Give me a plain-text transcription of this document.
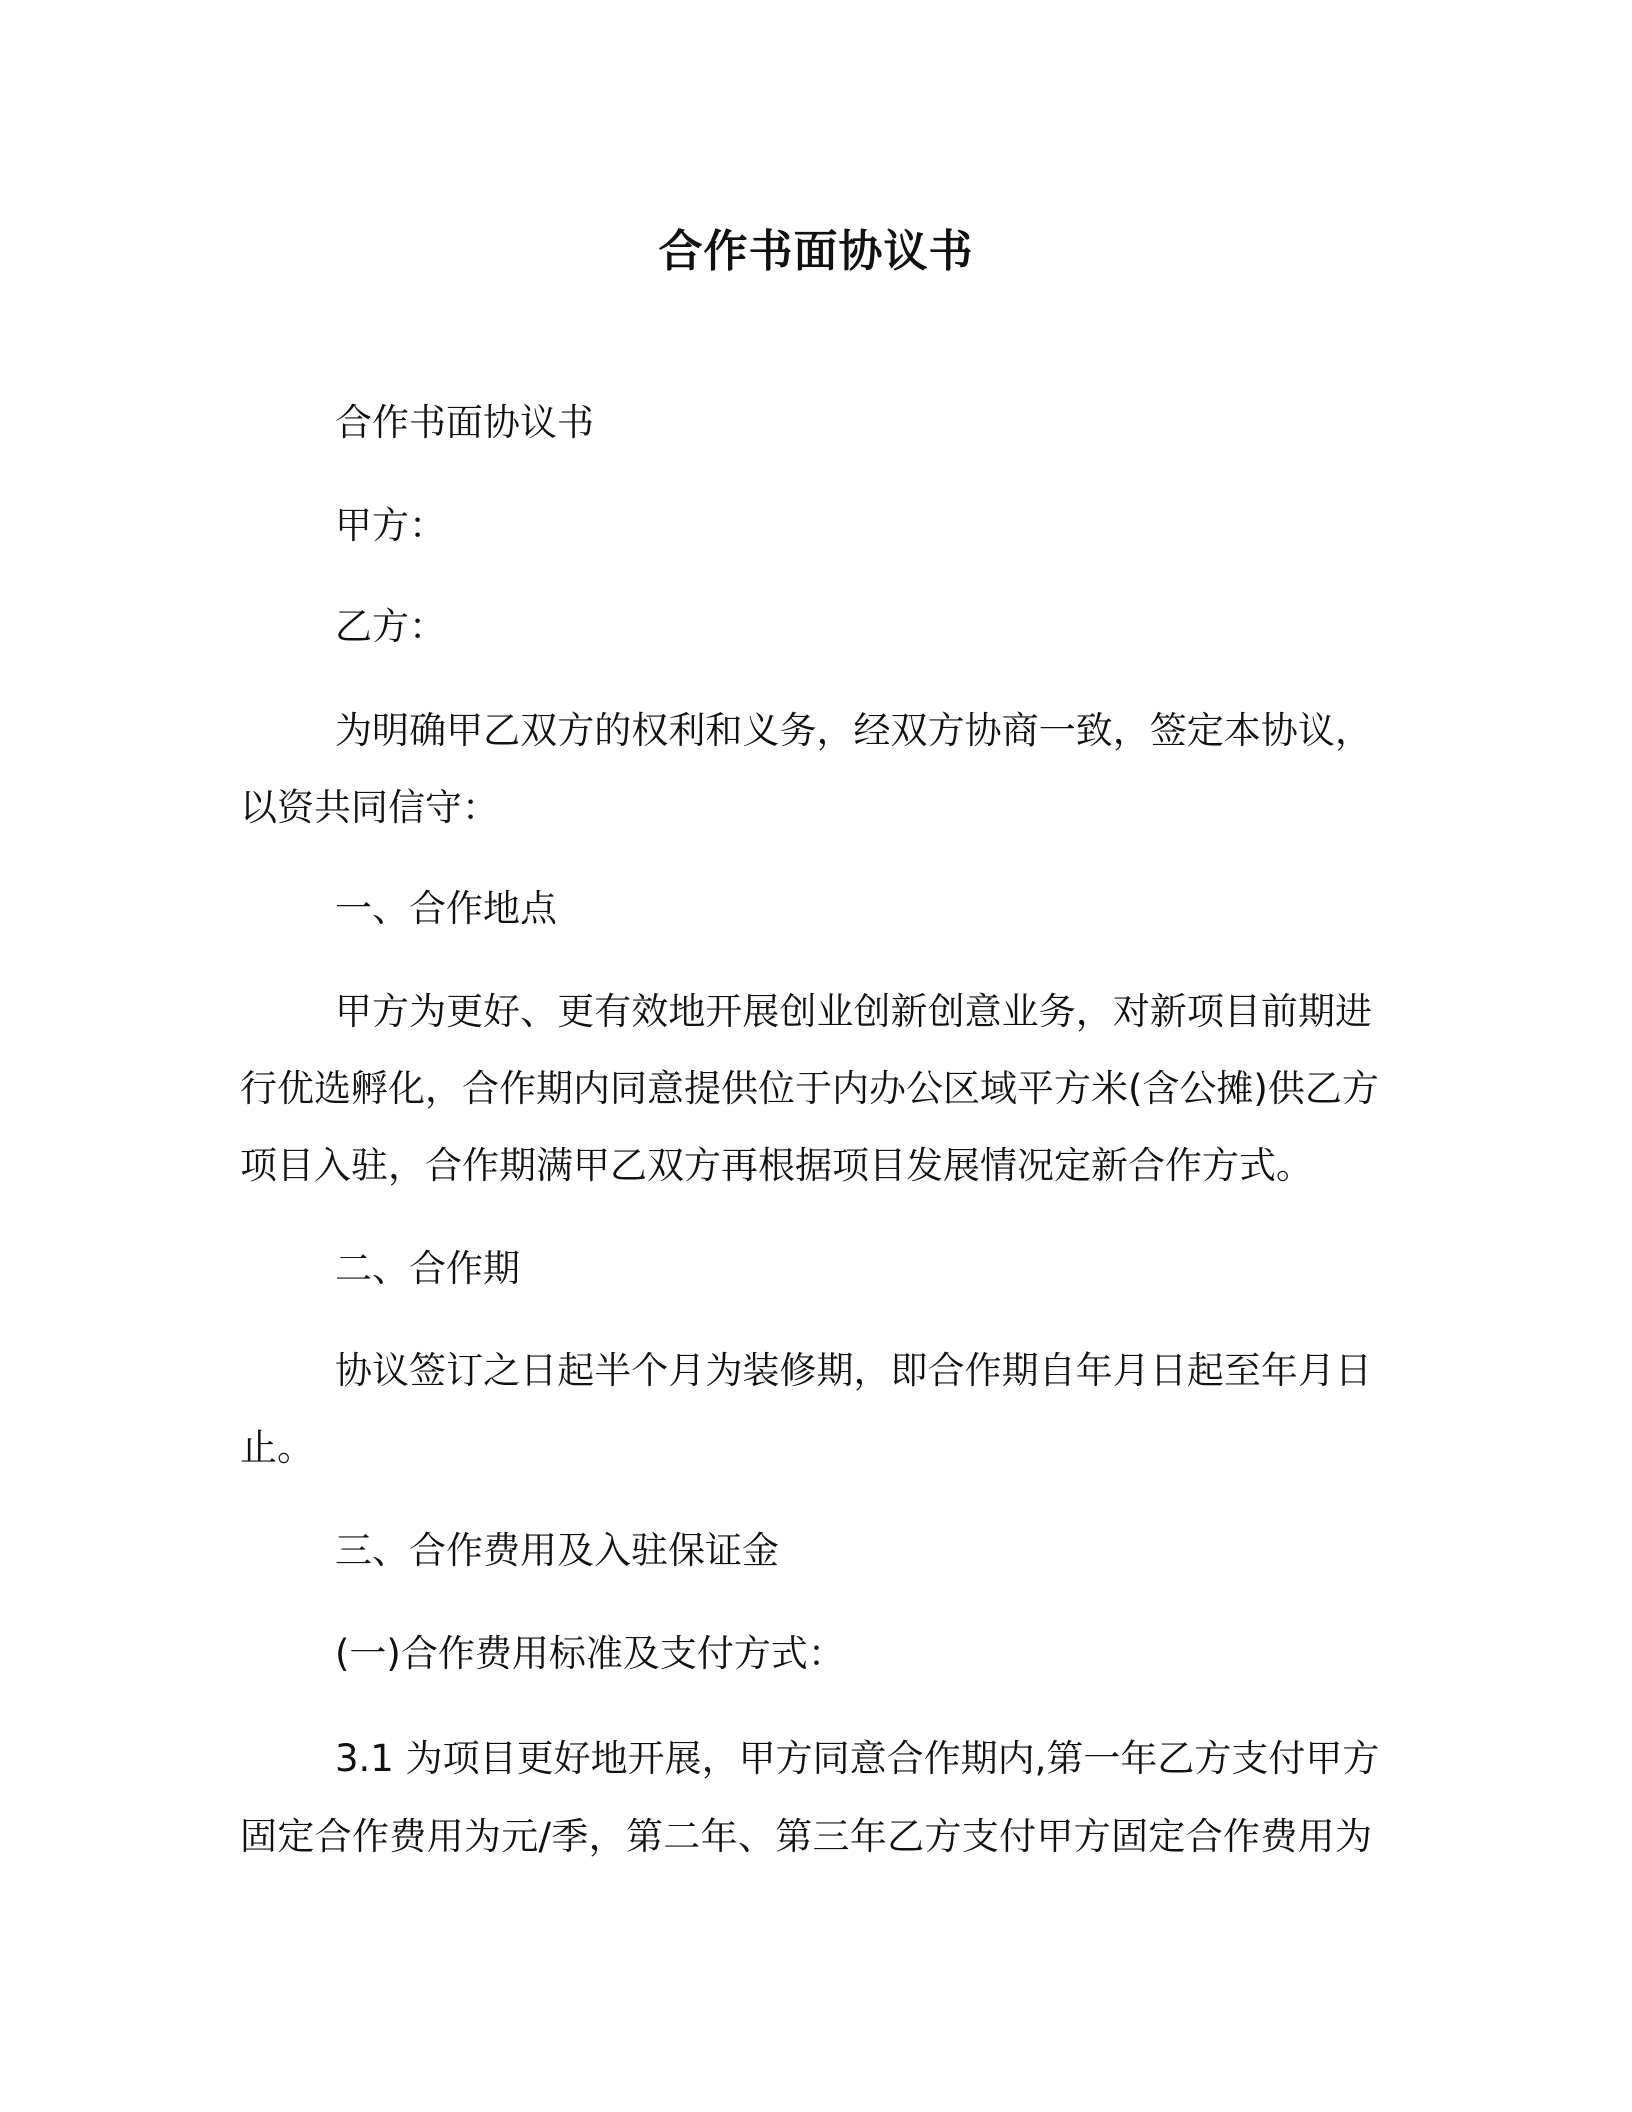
合作书面协议书

合作书面协议书

甲方：

乙方：

为明确甲乙双方的权利和义务，经双方协商一致，签定本协议，

以资共同信守：

一、合作地点

甲方为更好、更有效地开展创业创新创意业务，对新项目前期进

行优选孵化，合作期内同意提供位于内办公区域平方米(含公摊)供乙方

项目入驻，合作期满甲乙双方再根据项目发展情况定新合作方式。

二、合作期

协议签订之日起半个月为装修期，即合作期自年月日起至年月日

止。

三、合作费用及入驻保证金

(一)合作费用标准及支付方式：

3.1 为项目更好地开展，甲方同意合作期内,第一年乙方支付甲方

固定合作费用为元/季，第二年、第三年乙方支付甲方固定合作费用为
